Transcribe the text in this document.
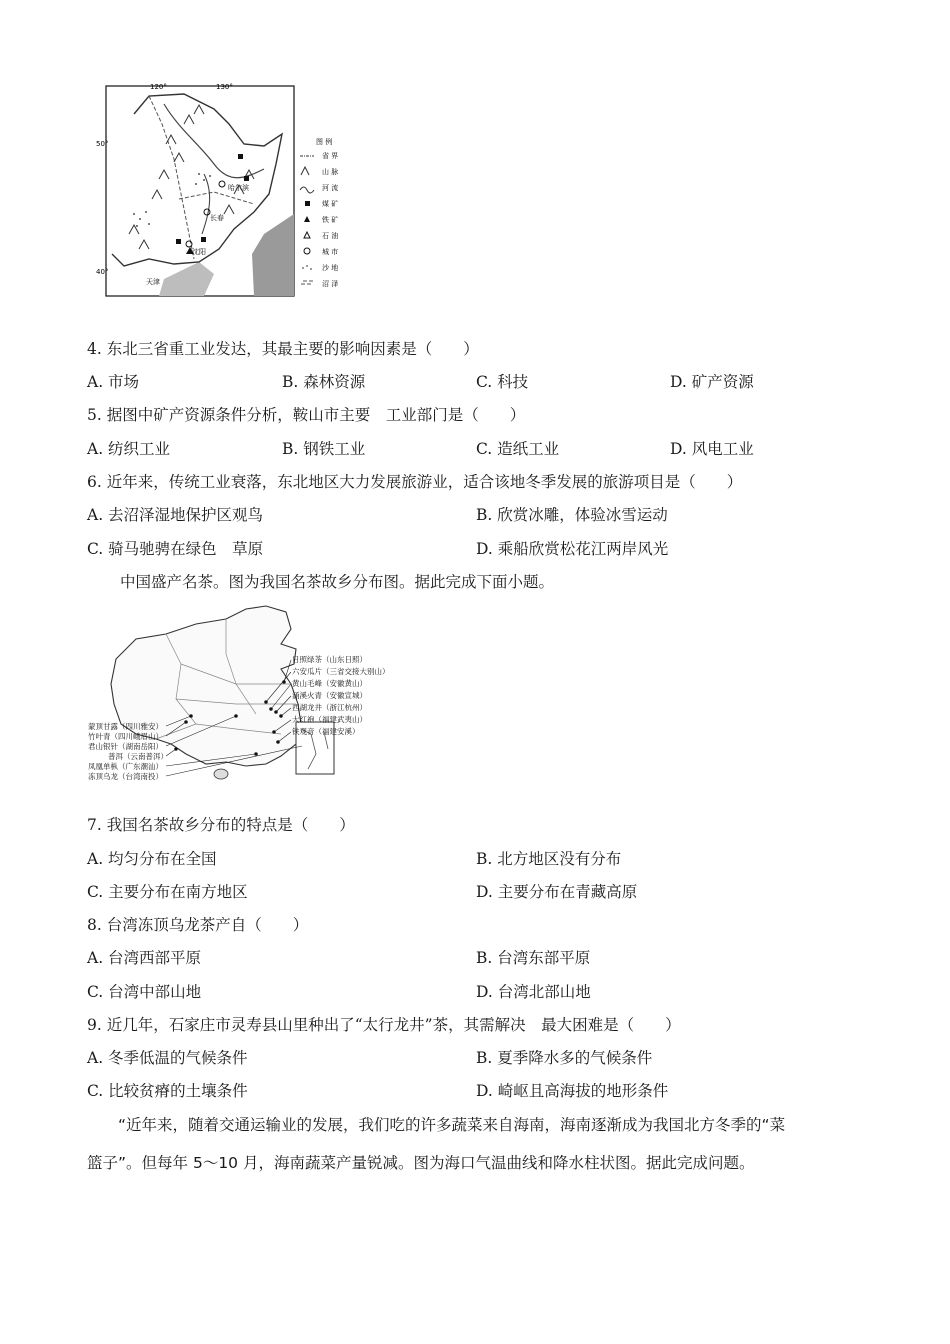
120°	130°
50°
40°
哈尔滨
长春
沈阳
天津
图 例
省 界
山 脉
河 流
煤 矿
铁 矿
石 油
城 市
沙 地
沼 泽
4. 东北三省重工业发达，其最主要的影响因素是（　　）
A. 市场	B. 森林资源	C. 科技	D. 矿产资源
5. 据图中矿产资源条件分析，鞍山市主要　工业部门是（　　）
A. 纺织工业	B. 钢铁工业	C. 造纸工业	D. 风电工业
6. 近年来，传统工业衰落，东北地区大力发展旅游业，适合该地冬季发展的旅游项目是（　　）
A. 去沼泽湿地保护区观鸟	B. 欣赏冰雕，体验冰雪运动
C. 骑马驰骋在绿色　草原	D. 乘船欣赏松花江两岸风光
中国盛产名茶。图为我国名茶故乡分布图。据此完成下面小题。
日照绿茶（山东日照）
六安瓜片（三省交接大别山）
黄山毛峰（安徽黄山）
涌溪火青（安徽宣城）
西湖龙井（浙江杭州）
大红袍（福建武夷山）
铁观音（福建安溪）
蒙顶甘露（四川雅安）
竹叶青（四川峨眉山）
君山银针（湖南岳阳）
普洱（云南普洱）
凤凰单枞（广东潮汕）
冻顶乌龙（台湾南投）
7. 我国名茶故乡分布的特点是（　　）
A. 均匀分布在全国	B. 北方地区没有分布
C. 主要分布在南方地区	D. 主要分布在青藏高原
8. 台湾冻顶乌龙茶产自（　　）
A. 台湾西部平原	B. 台湾东部平原
C. 台湾中部山地	D. 台湾北部山地
9. 近几年，石家庄市灵寿县山里种出了“太行龙井”茶，其需解决　最大困难是（　　）
A. 冬季低温的气候条件	B. 夏季降水多的气候条件
C. 比较贫瘠的土壤条件	D. 崎岖且高海拔的地形条件
“近年来，随着交通运输业的发展，我们吃的许多蔬菜来自海南，海南逐渐成为我国北方冬季的“菜
篮子”。但每年 5～10 月，海南蔬菜产量锐减。图为海口气温曲线和降水柱状图。据此完成问题。
